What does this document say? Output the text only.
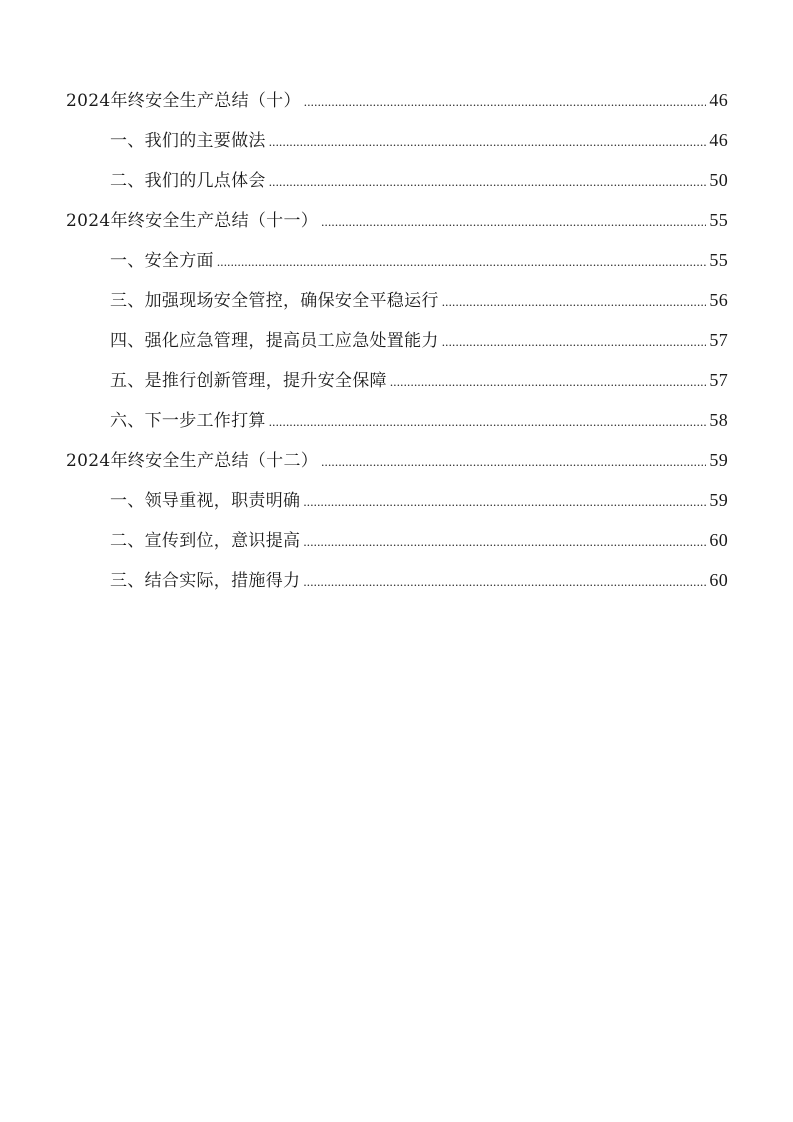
2024年终安全生产总结（十） .....	46
一、我们的主要做法 .....	46
二、我们的几点体会 .....	50
2024年终安全生产总结（十一） .....	55
一、安全方面 .....	55
三、加强现场安全管控，确保安全平稳运行 .....	56
四、强化应急管理，提高员工应急处置能力 .....	57
五、是推行创新管理，提升安全保障 .....	57
六、下一步工作打算 .....	58
2024年终安全生产总结（十二） .....	59
一、领导重视，职责明确 .....	59
二、宣传到位，意识提高 .....	60
三、结合实际，措施得力 .....	60
